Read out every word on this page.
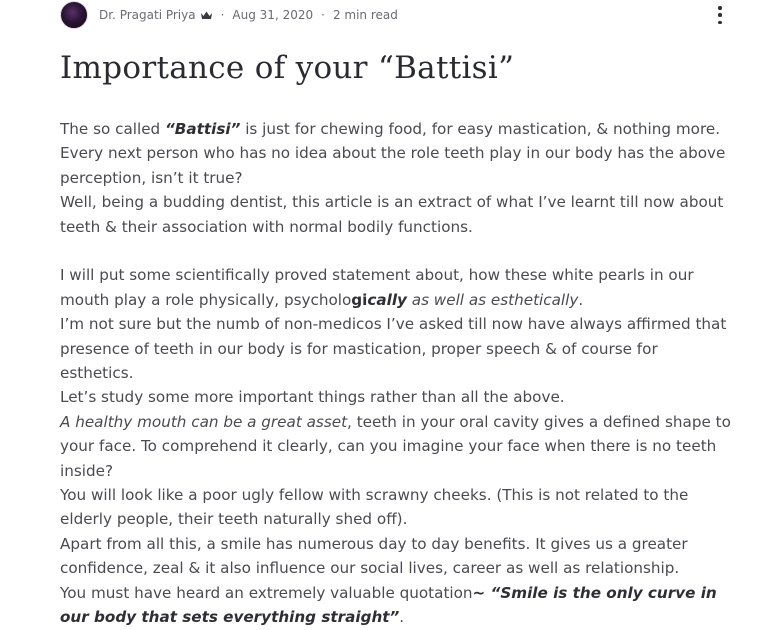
Dr. Pragati Priya · Aug 31, 2020 · 2 min read
Importance of your “Battisi”

The so called “Battisi” is just for chewing food, for easy mastication, & nothing more. Every next person who has no idea about the role teeth play in our body has the above perception, isn’t it true?

Well, being a budding dentist, this article is an extract of what I’ve learnt till now about teeth & their association with normal bodily functions.

I will put some scientifically proved statement about, how these white pearls in our mouth play a role physically, psychologically as well as esthetically.

I’m not sure but the numb of non-medicos I’ve asked till now have always affirmed that presence of teeth in our body is for mastication, proper speech & of course for esthetics.

Let’s study some more important things rather than all the above.

A healthy mouth can be a great asset, teeth in your oral cavity gives a defined shape to your face. To comprehend it clearly, can you imagine your face when there is no teeth inside?

You will look like a poor ugly fellow with scrawny cheeks. (This is not related to the elderly people, their teeth naturally shed off).

Apart from all this, a smile has numerous day to day benefits. It gives us a greater confidence, zeal & it also influence our social lives, career as well as relationship.

You must have heard an extremely valuable quotation~ “Smile is the only curve in our body that sets everything straight”.
